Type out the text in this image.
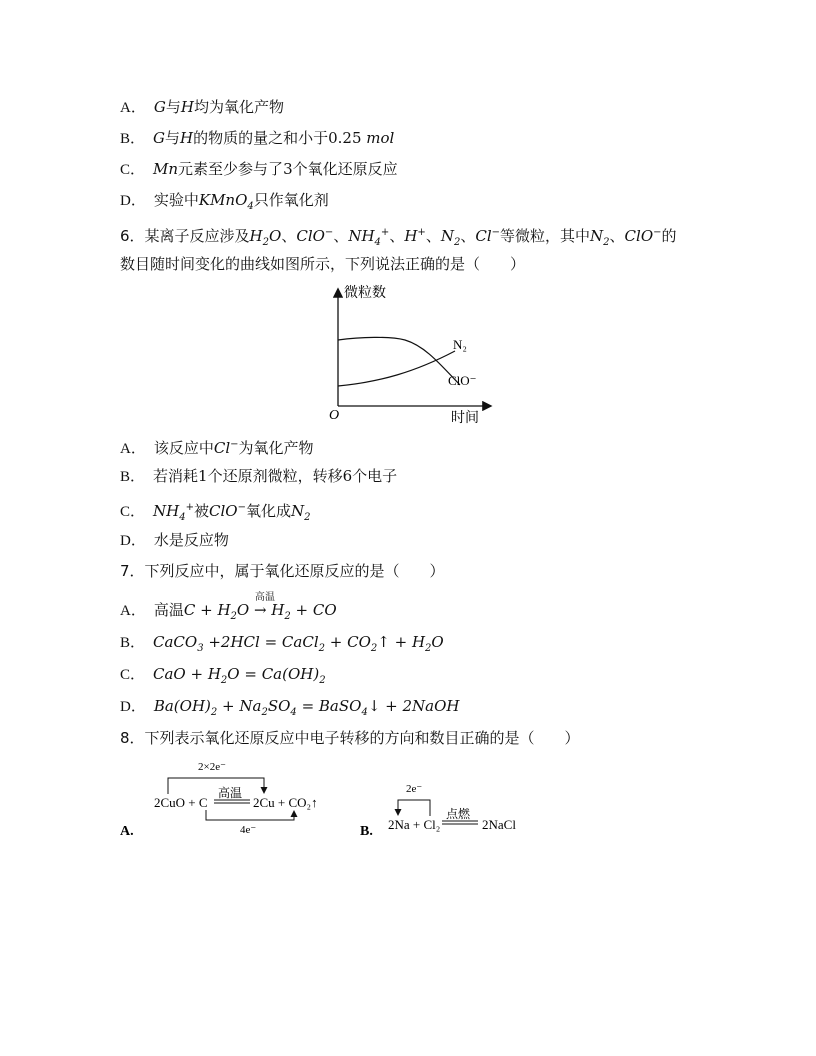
A． G与H均为氧化产物
B． G与H的物质的量之和小于0.25 mol
C． Mn元素至少参与了3个氧化还原反应
D． 实验中KMnO$_4$只作氧化剂
6．某离子反应涉及$H_2O$、ClO−、$NH_4^+$、H+、$N_2$、Cl−等微粒，其中$N_2$、ClO−的
数目随时间变化的曲线如图所示，下列说法正确的是（　　）
微粒数
时间
O
N₂
ClO⁻
A． 该反应中Cl−为氧化产物
B． 若消耗1个还原剂微粒，转移6个电子
C． $NH_4^+$被ClO−氧化成$N_2$
D． 水是反应物
7．下列反应中，属于氧化还原反应的是（　　）
A． 高温$C + H_2O \to H$
高温
$_2$ + CO
B． CaCO$_3$ +2HCl = CaCl$_2$ + $CO_2↑ + H_2O$
C． CaO + $H_2O = Ca(OH)_2$
D． $Ba(OH)_2 + Na_2SO_4$ = BaSO$_4$↓ + 2NaOH
8．下列表示氧化还原反应中电子转移的方向和数目正确的是（　　）
A.
2×2e⁻
2CuO + C
高温
2Cu + CO₂↑
4e⁻	B.
2e⁻
2Na + Cl₂
点燃
2NaCl
